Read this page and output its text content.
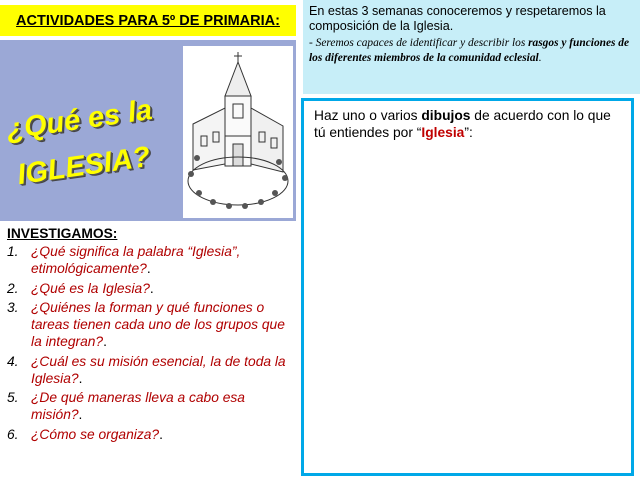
ACTIVIDADES PARA 5º DE PRIMARIA:
En estas 3 semanas conoceremos y respetaremos la composición de la Iglesia.
- Seremos capaces de identificar y describir los rasgos y funciones de los diferentes miembros de la comunidad eclesial.
¿Qué es la
IGLESIA?
INVESTIGAMOS:
1. ¿Qué significa la palabra “Iglesia”, etimológicamente?.
2. ¿Qué es la Iglesia?.
3. ¿Quiénes la forman y qué funciones o tareas tienen cada uno de los grupos que la integran?.
4. ¿Cuál es su misión esencial, la de toda la Iglesia?.
5. ¿De qué maneras lleva a cabo esa misión?.
6. ¿Cómo se organiza?.
Haz uno o varios dibujos de acuerdo con lo que tú entiendes por “Iglesia”:
